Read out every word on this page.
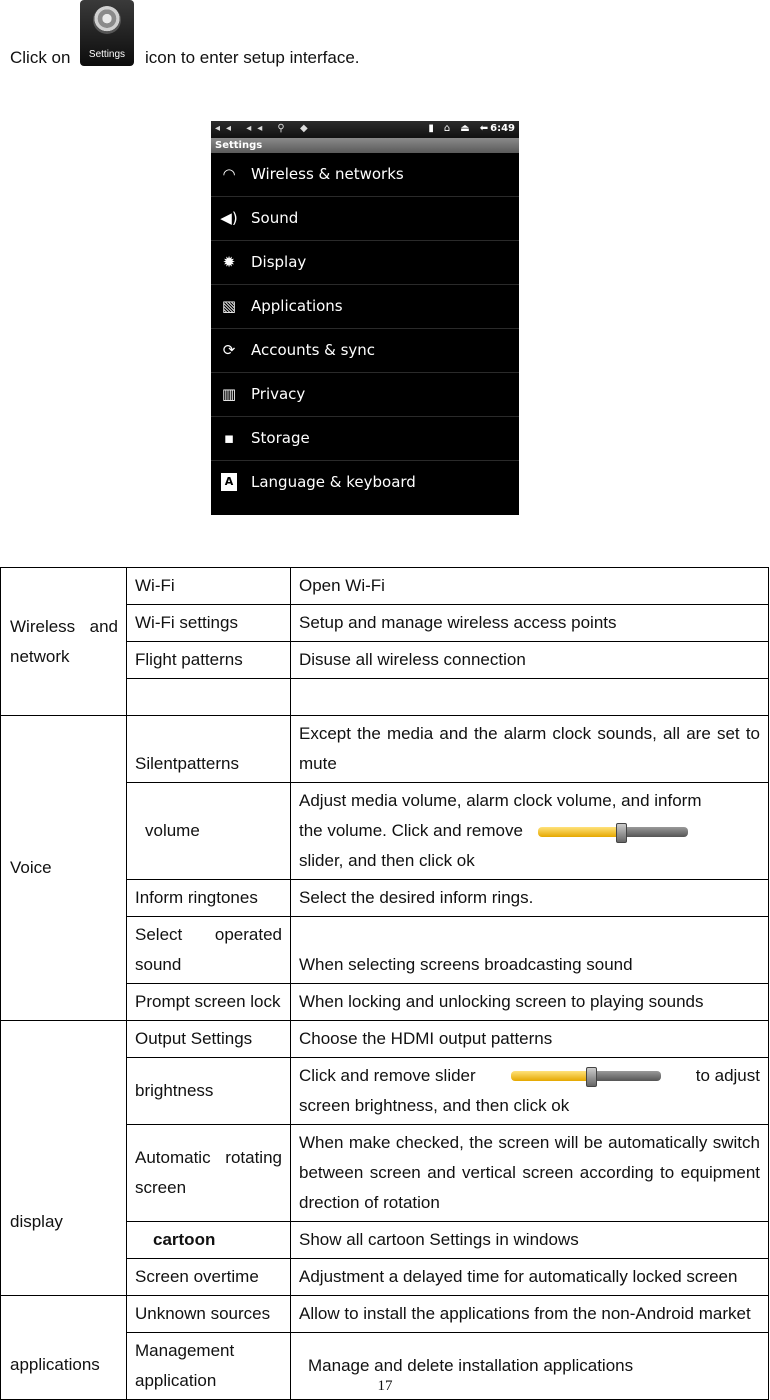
Click on	icon to enter setup interface.
Settings
◂◂ ◂◂ ⚲ ◆	▮ ⌂ ⏏ ⬅ 6:49
Settings
◠ Wireless & networks
◀) Sound
✹ Display
▧ Applications
⟳ Accounts & sync
▥ Privacy
▪	Storage
A Language & keyboard
Wireless and network	Wi-Fi	Open Wi-Fi
	Wi-Fi settings	Setup and manage wireless access points
	Flight patterns	Disuse all wireless connection

Voice	Silentpatterns	Except the media and the alarm clock sounds, all are set to mute
	volume	Adjust media volume, alarm clock volume, and inform
the volume. Click and remove
slider, and then click ok

	Inform ringtones	Select the desired inform rings.

	Select operated sound	When selecting screens broadcasting sound
	Prompt screen lock	When locking and unlocking screen to playing sounds
display	Output Settings	Choose the HDMI output patterns
	brightness	Click and remove slider to adjust
screen brightness, and then click ok

	Automatic rotating screen	When make checked, the screen will be automatically switch between screen and vertical screen according to equipment drection of rotation
	cartoon	Show all cartoon Settings in windows
	Screen overtime	Adjustment a delayed time for automatically locked screen
applications	Unknown sources	Allow to install the applications from the non-Android market
	Management application	Manage and delete installation applications
17
